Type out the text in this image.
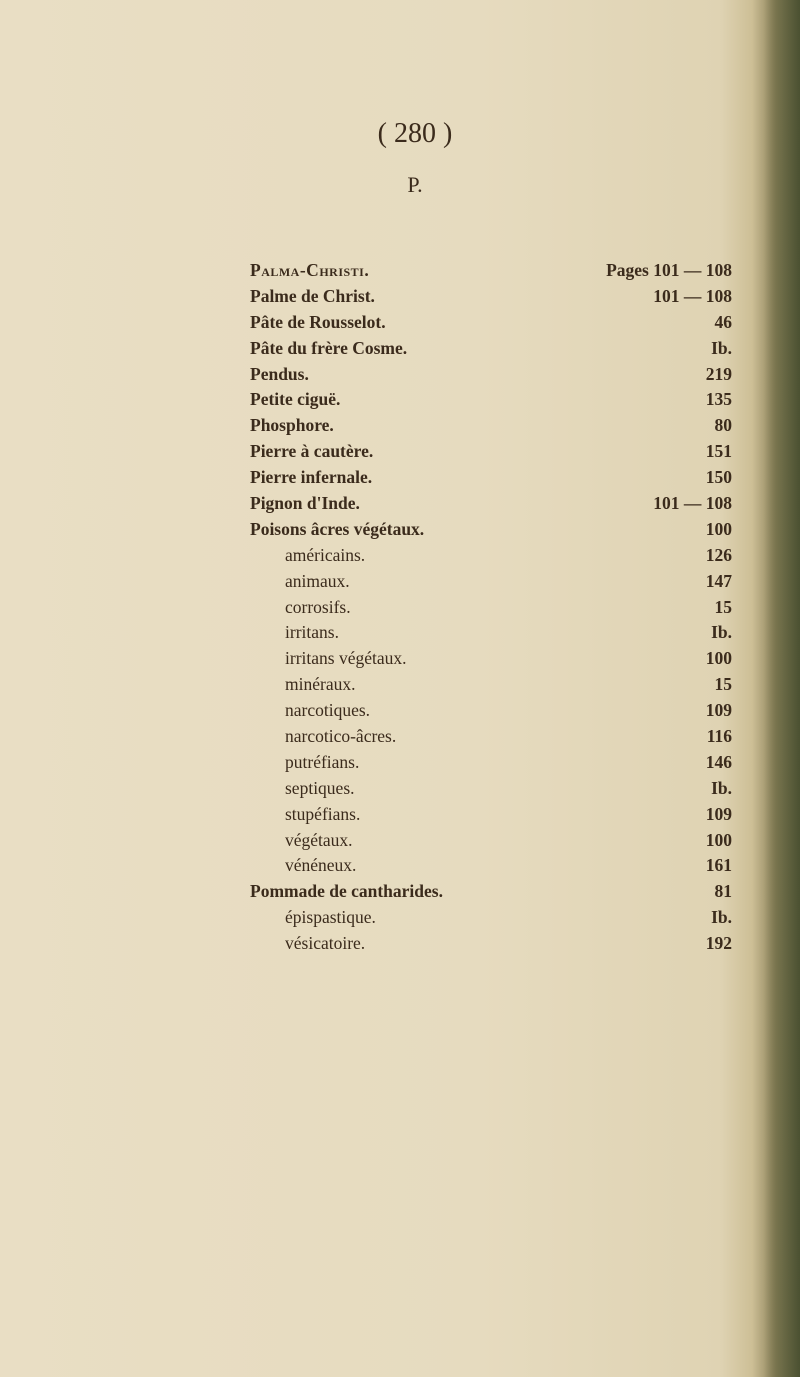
( 280 )
P.
Palma-Christi.	Pages 101 — 108
Palme de Christ.	101 — 108
Pâte de Rousselot.	46
Pâte du frère Cosme.	Ib.
Pendus.	219
Petite ciguë.	135
Phosphore.	80
Pierre à cautère.	151
Pierre infernale.	150
Pignon d'Inde.	101 — 108
Poisons âcres végétaux.	100
américains.	126
animaux.	147
corrosifs.	15
irritans.	Ib.
irritans végétaux.	100
minéraux.	15
narcotiques.	109
narcotico-âcres.	116
putréfians.	146
septiques.	Ib.
stupéfians.	109
végétaux.	100
vénéneux.	161
Pommade de cantharides.	81
épispastique.	Ib.
vésicatoire.	192
